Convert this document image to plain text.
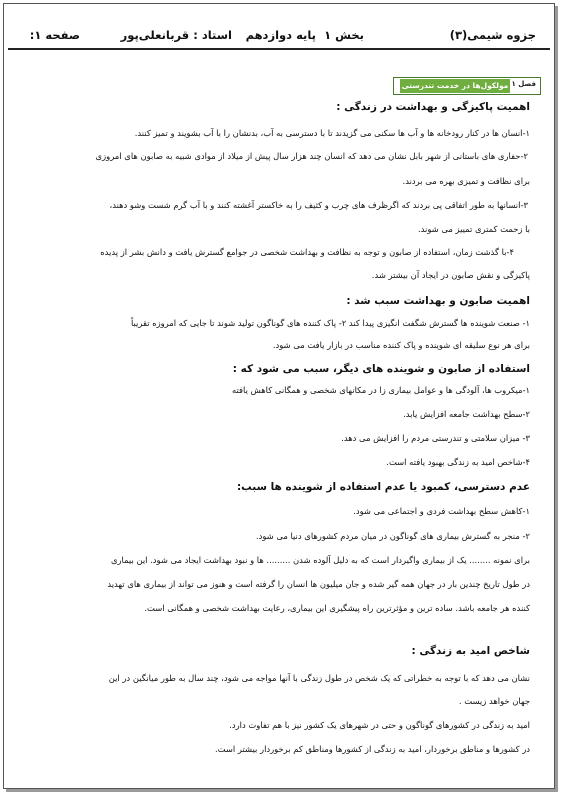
جزوه شیمی(۳)
بخش ۱
پایه دوازدهم
استاد : قربانعلی‌پور
صفحه ۱:
فصل ۱
مولکول‌ها در خدمت تندرستی
اهمیت پاکیزگی و بهداشت در زندگی :
۱-انسان ها در کنار رودخانه ها و آب ها سکنی می گزیدند تا با دسترسی به آب، بدنشان را با آب بشویند و تمیز کنند.
۲-حفاری های باستانی از شهر بابل نشان می دهد که انسان چند هزار سال پیش از میلاد از موادی شبیه به صابون های امروزی
برای نظافت و تمیزی بهره می بردند.
۳-انسانها به طور اتفاقی پی بردند که اگرظرف های چرب و کثیف را به خاکستر آغشته کنند و با آب گرم شست وشو دهند،
با زحمت کمتری تمییز می شوند.
۴-با گذشت زمان، استفاده از صابون و توجه به نظافت و بهداشت شخصی در جوامع گسترش یافت و دانش بشر از پدیده
پاکیزگی و نقش صابون در ایجاد آن بیشتر شد.
اهمیت صابون و بهداشت سبب شد :
۱- صنعت شوینده ها گسترش شگفت انگیزی پیدا کند ۲- پاک کننده های گوناگون تولید شوند تا جایی که امروزه تقریباً
برای هر نوع سلیقه ای شوینده و پاک کننده مناسب در بازار یافت می شود.
استفاده از صابون و شوینده های دیگر، سبب می شود که :
۱-میکروب ها، آلودگی ها و عوامل بیماری زا در مکانهای شخصی و همگانی کاهش یافته
۲-سطح بهداشت جامعه افزایش یابد.
۳- میزان سلامتی و تندرستی مردم را افزایش می دهد.
۴-شاخص امید به زندگی بهبود یافته است.
عدم دسترسی، کمبود یا عدم استفاده از شوینده ها سبب:
۱-کاهش سطح بهداشت فردی و اجتماعی می شود.
۲- منجر به گسترش بیماری های گوناگون در میان مردم کشورهای دنیا می شود.
برای نمونه ........ یک از بیماری واگیردار است که به دلیل آلوده شدن ......... ها و نبود بهداشت ایجاد می شود. این بیماری
در طول تاریخ چندین بار در جهان همه گیر شده و جان میلیون ها انسان را گرفته است و هنوز می تواند از بیماری های تهدید
کننده هر جامعه باشد. ساده ترین و مؤثرترین راه پیشگیری این بیماری، رعایت بهداشت شخصی و همگانی است.
شاخص امید به زندگی :
نشان می دهد که با توجه به خطراتی که یک شخص در طول زندگی با آنها مواجه می شود، چند سال به طور میانگین در این
جهان خواهد زیست .
امید به زندگی در کشورهای گوناگون و حتی در شهرهای یک کشور نیز با هم تفاوت دارد.
در کشورها و مناطق برخوردار، امید به زندگی از کشورها ومناطق کم برخوردار بیشتر است.
